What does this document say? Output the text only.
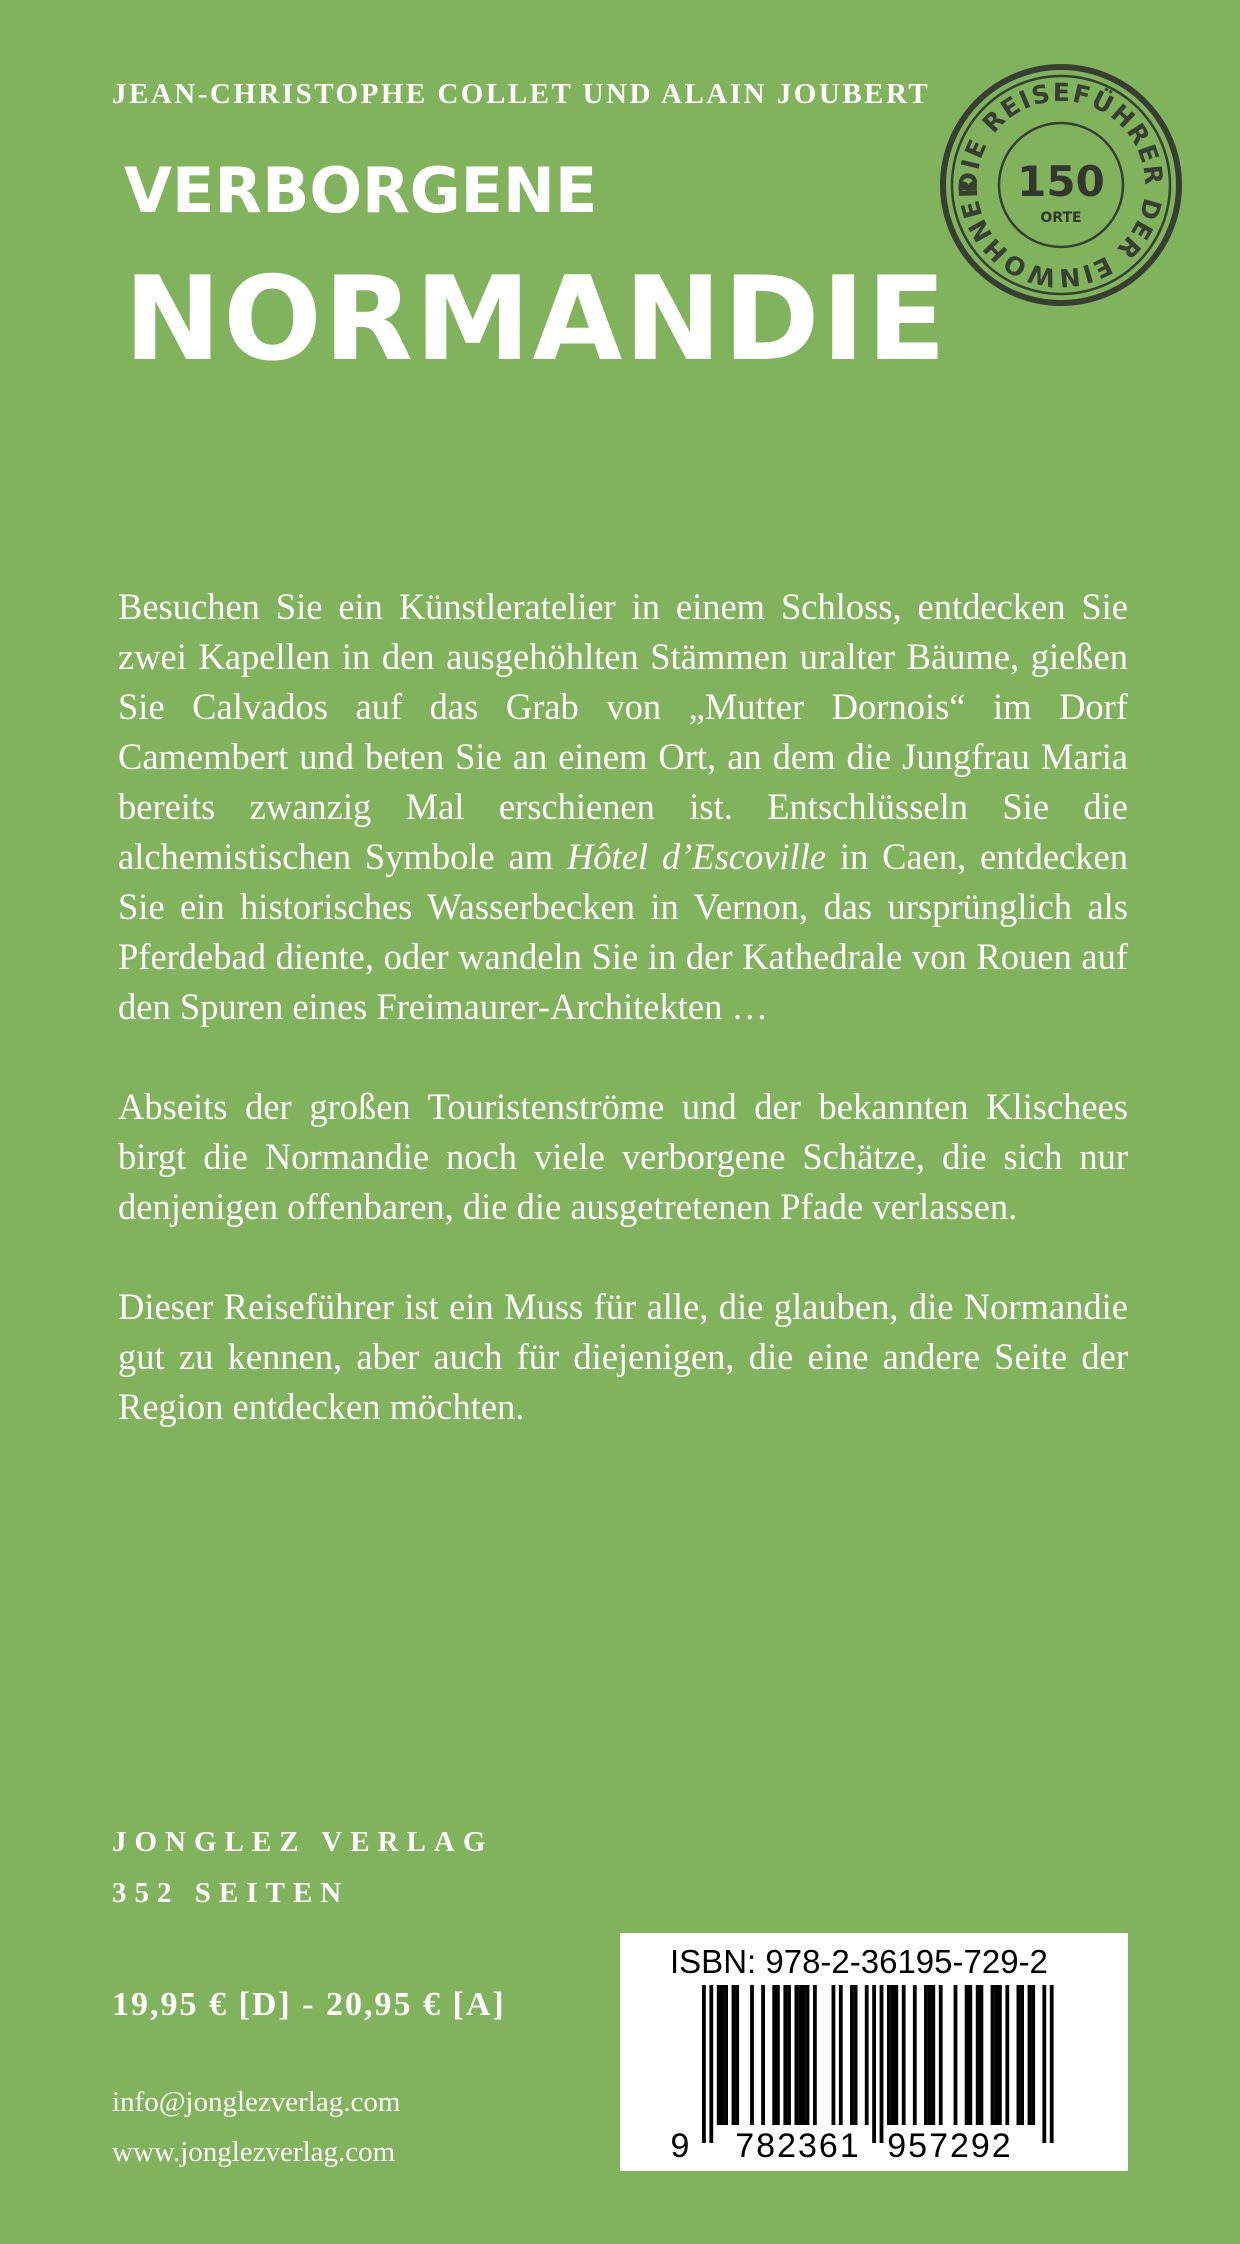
JEAN-CHRISTOPHE COLLET UND ALAIN JOUBERT
VERBORGENE
NORMANDIE
DIE REISEFÜHRER DER EINWOHNER 150
ORTE

Besuchen Sie ein Künstleratelier in einem Schloss, entdecken Sie zwei Kapellen in den ausgehöhlten Stämmen uralter Bäume, gießen Sie Calvados auf das Grab von „Mutter Dornois“ im Dorf Camembert und beten Sie an einem Ort, an dem die Jungfrau Maria bereits zwanzig Mal erschienen ist. Entschlüsseln Sie die alchemistischen Symbole am Hôtel d’Escoville in Caen, entdecken Sie ein historisches Wasserbecken in Vernon, das ursprünglich als Pferdebad diente, oder wandeln Sie in der Kathedrale von Rouen auf den Spuren eines Freimaurer-Architekten …

Abseits der großen Touristenströme und der bekannten Klischees birgt die Normandie noch viele verborgene Schätze, die sich nur denjenigen offenbaren, die die ausgetretenen Pfade verlassen.

Dieser Reiseführer ist ein Muss für alle, die glauben, die Normandie gut zu kennen, aber auch für diejenigen, die eine andere Seite der Region entdecken möchten.

JONGLEZ VERLAG
352 SEITEN
19,95 € [D] - 20,95 € [A]
info@jonglezverlag.com
www.jonglezverlag.com
ISBN: 978-2-36195-729-2
9 782361 957292
